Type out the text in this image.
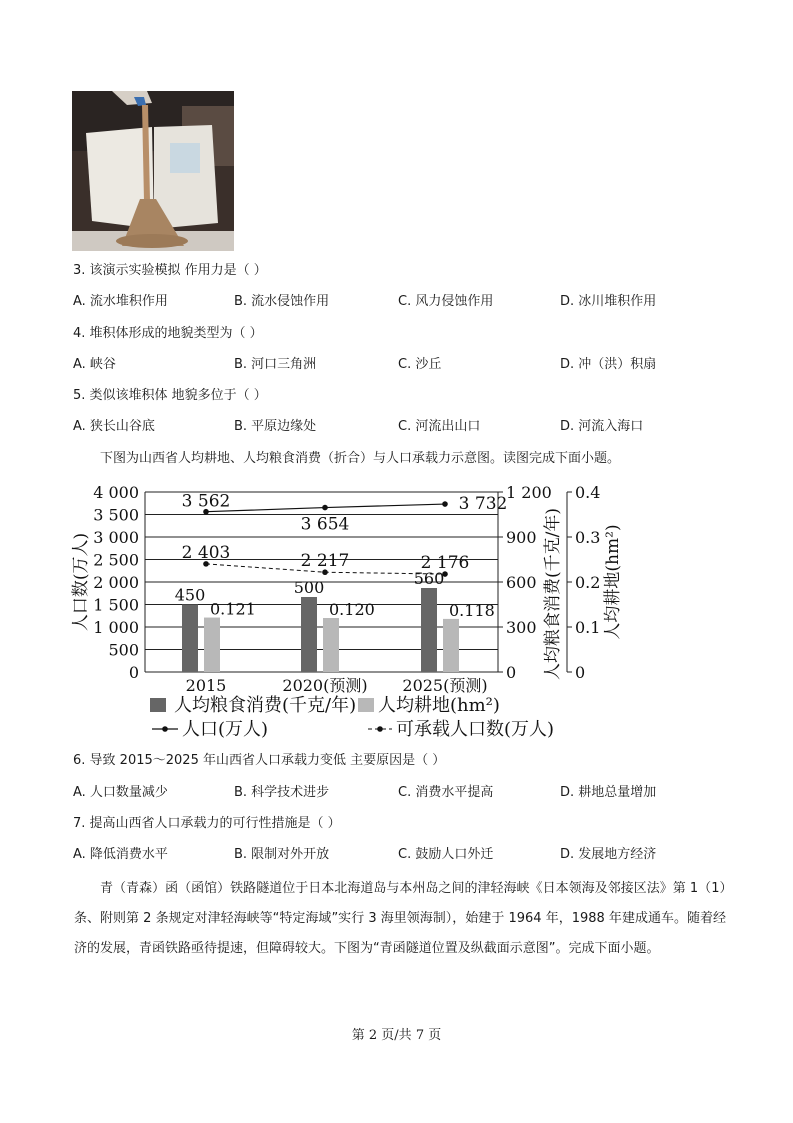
3. 该演示实验模拟 作用力是（ ）
A. 流水堆积作用	B. 流水侵蚀作用	C. 风力侵蚀作用	D. 冰川堆积作用
4. 堆积体形成的地貌类型为（ ）
A. 峡谷	B. 河口三角洲	C. 沙丘	D. 冲（洪）积扇
5. 类似该堆积体 地貌多位于（ ）
A. 狭长山谷底	B. 平原边缘处	C. 河流出山口	D. 河流入海口
下图为山西省人均耕地、人均粮食消费（折合）与人口承载力示意图。读图完成下面小题。
0
500
1 000
1 500
2 000
2 500
3 000
3 500
4 000
0
300
600
900
1 200
0
0.1
0.2
0.3
0.4
人口数(万人)	人均粮食消费(千克/年) 人均耕地(hm²)
450
0.121
500
0.120
560
0.118
2015	2020(预测) 2025(预测)
3 562
3 654
3 732
2 403	2 217	2 176
人均粮食消费(千克/年) 人均耕地(hm²)
人口(万人)	可承载人口数(万人)
6. 导致 2015～2025 年山西省人口承载力变低 主要原因是（ ）
A. 人口数量减少	B. 科学技术进步	C. 消费水平提高	D. 耕地总量增加
7. 提高山西省人口承载力的可行性措施是（ ）
A. 降低消费水平	B. 限制对外开放	C. 鼓励人口外迁	D. 发展地方经济
青（青森）函（函馆）铁路隧道位于日本北海道岛与本州岛之间的津轻海峡《日本领海及邻接区法》第 1（1）条、附则第 2 条规定对津轻海峡等“特定海域”实行 3 海里领海制），始建于 1964 年，1988 年建成通车。随着经济的发展，青函铁路亟待提速，但障碍较大。下图为“青函隧道位置及纵截面示意图”。完成下面小题。
第 2 页/共 7 页
